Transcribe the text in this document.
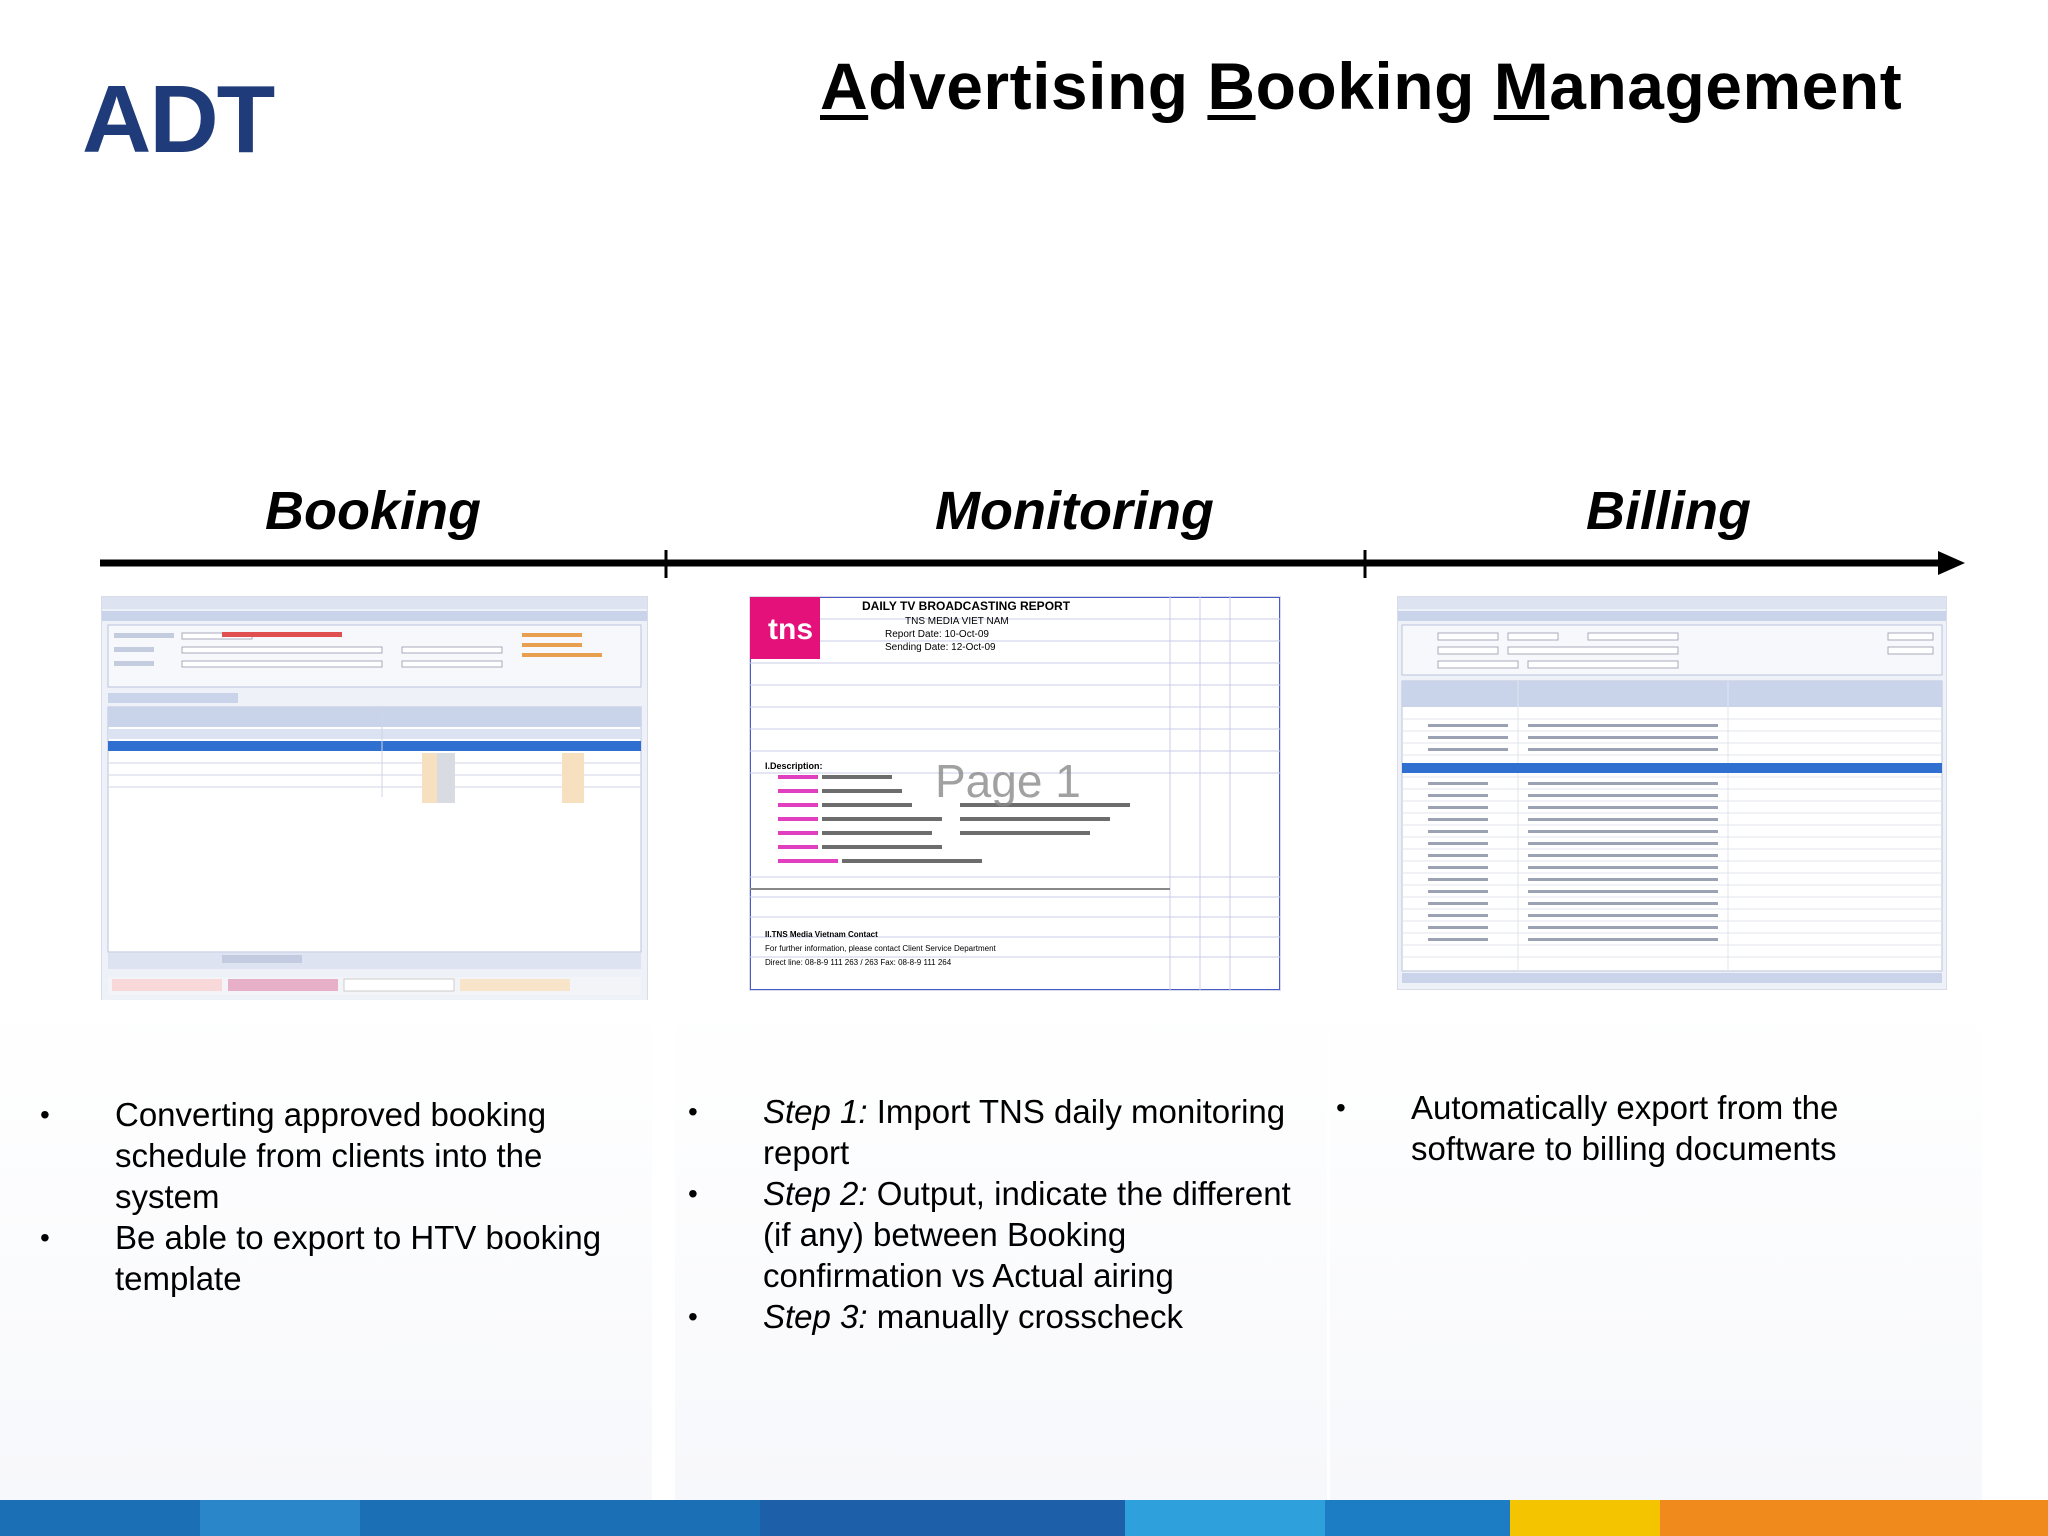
ADT	Advertising Booking Management
Booking	Monitoring	Billing
tns
DAILY TV BROADCASTING REPORT
TNS MEDIA VIET NAM
Report Date: 10-Oct-09
Sending Date: 12-Oct-09
I.Description: Page 1
II.TNS Media Vietnam Contact
For further information, please contact Client Service Department
Direct line: 08-8-9 111 263 / 263 Fax: 08-8-9 111 264
• Converting approved booking schedule from clients into the system
• Be able to export to HTV booking template
• Step 1: Import TNS daily monitoring report
• Step 2: Output, indicate the different (if any) between Booking confirmation vs Actual airing
• Step 3: manually crosscheck
• Automatically export from the software to billing documents
